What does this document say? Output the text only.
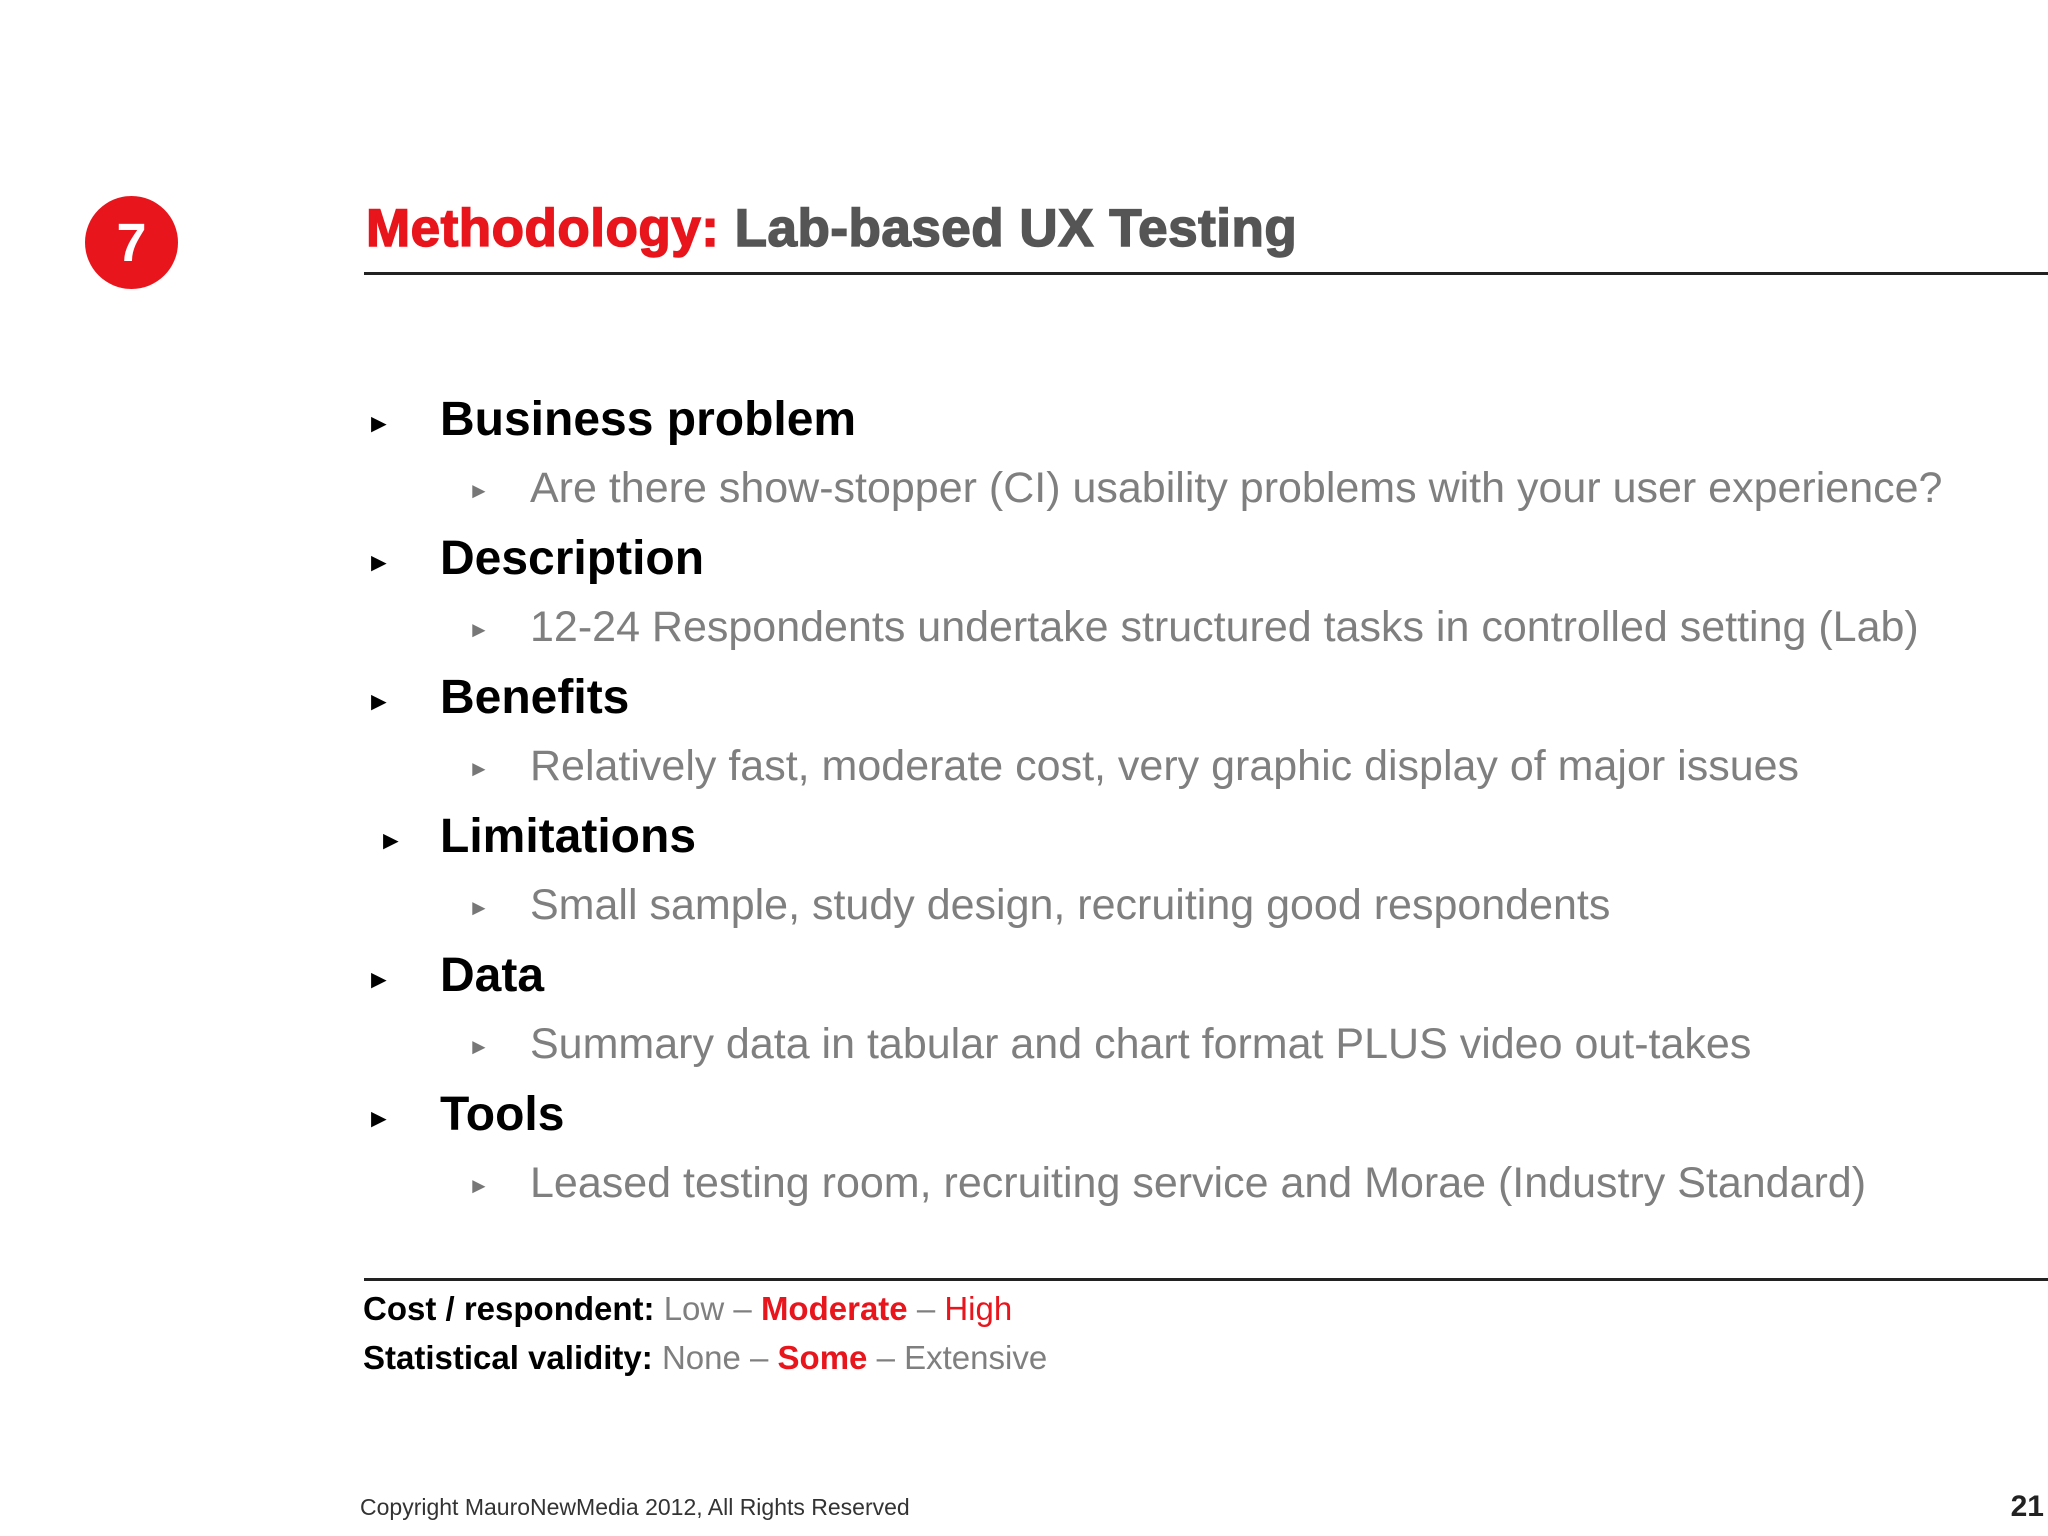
7	Methodology: Lab-based UX Testing
► Business problem
► Are there show-stopper (CI) usability problems with your user experience?
► Description
► 12-24 Respondents undertake structured tasks in controlled setting (Lab)
► Benefits
► Relatively fast, moderate cost, very graphic display of major issues
► Limitations
► Small sample, study design, recruiting good respondents
► Data
► Summary data in tabular and chart format PLUS video out-takes
► Tools
► Leased testing room, recruiting service and Morae (Industry Standard)
Cost / respondent: Low – Moderate – High
Statistical validity: None – Some – Extensive
Copyright MauroNewMedia 2012, All Rights Reserved	21
